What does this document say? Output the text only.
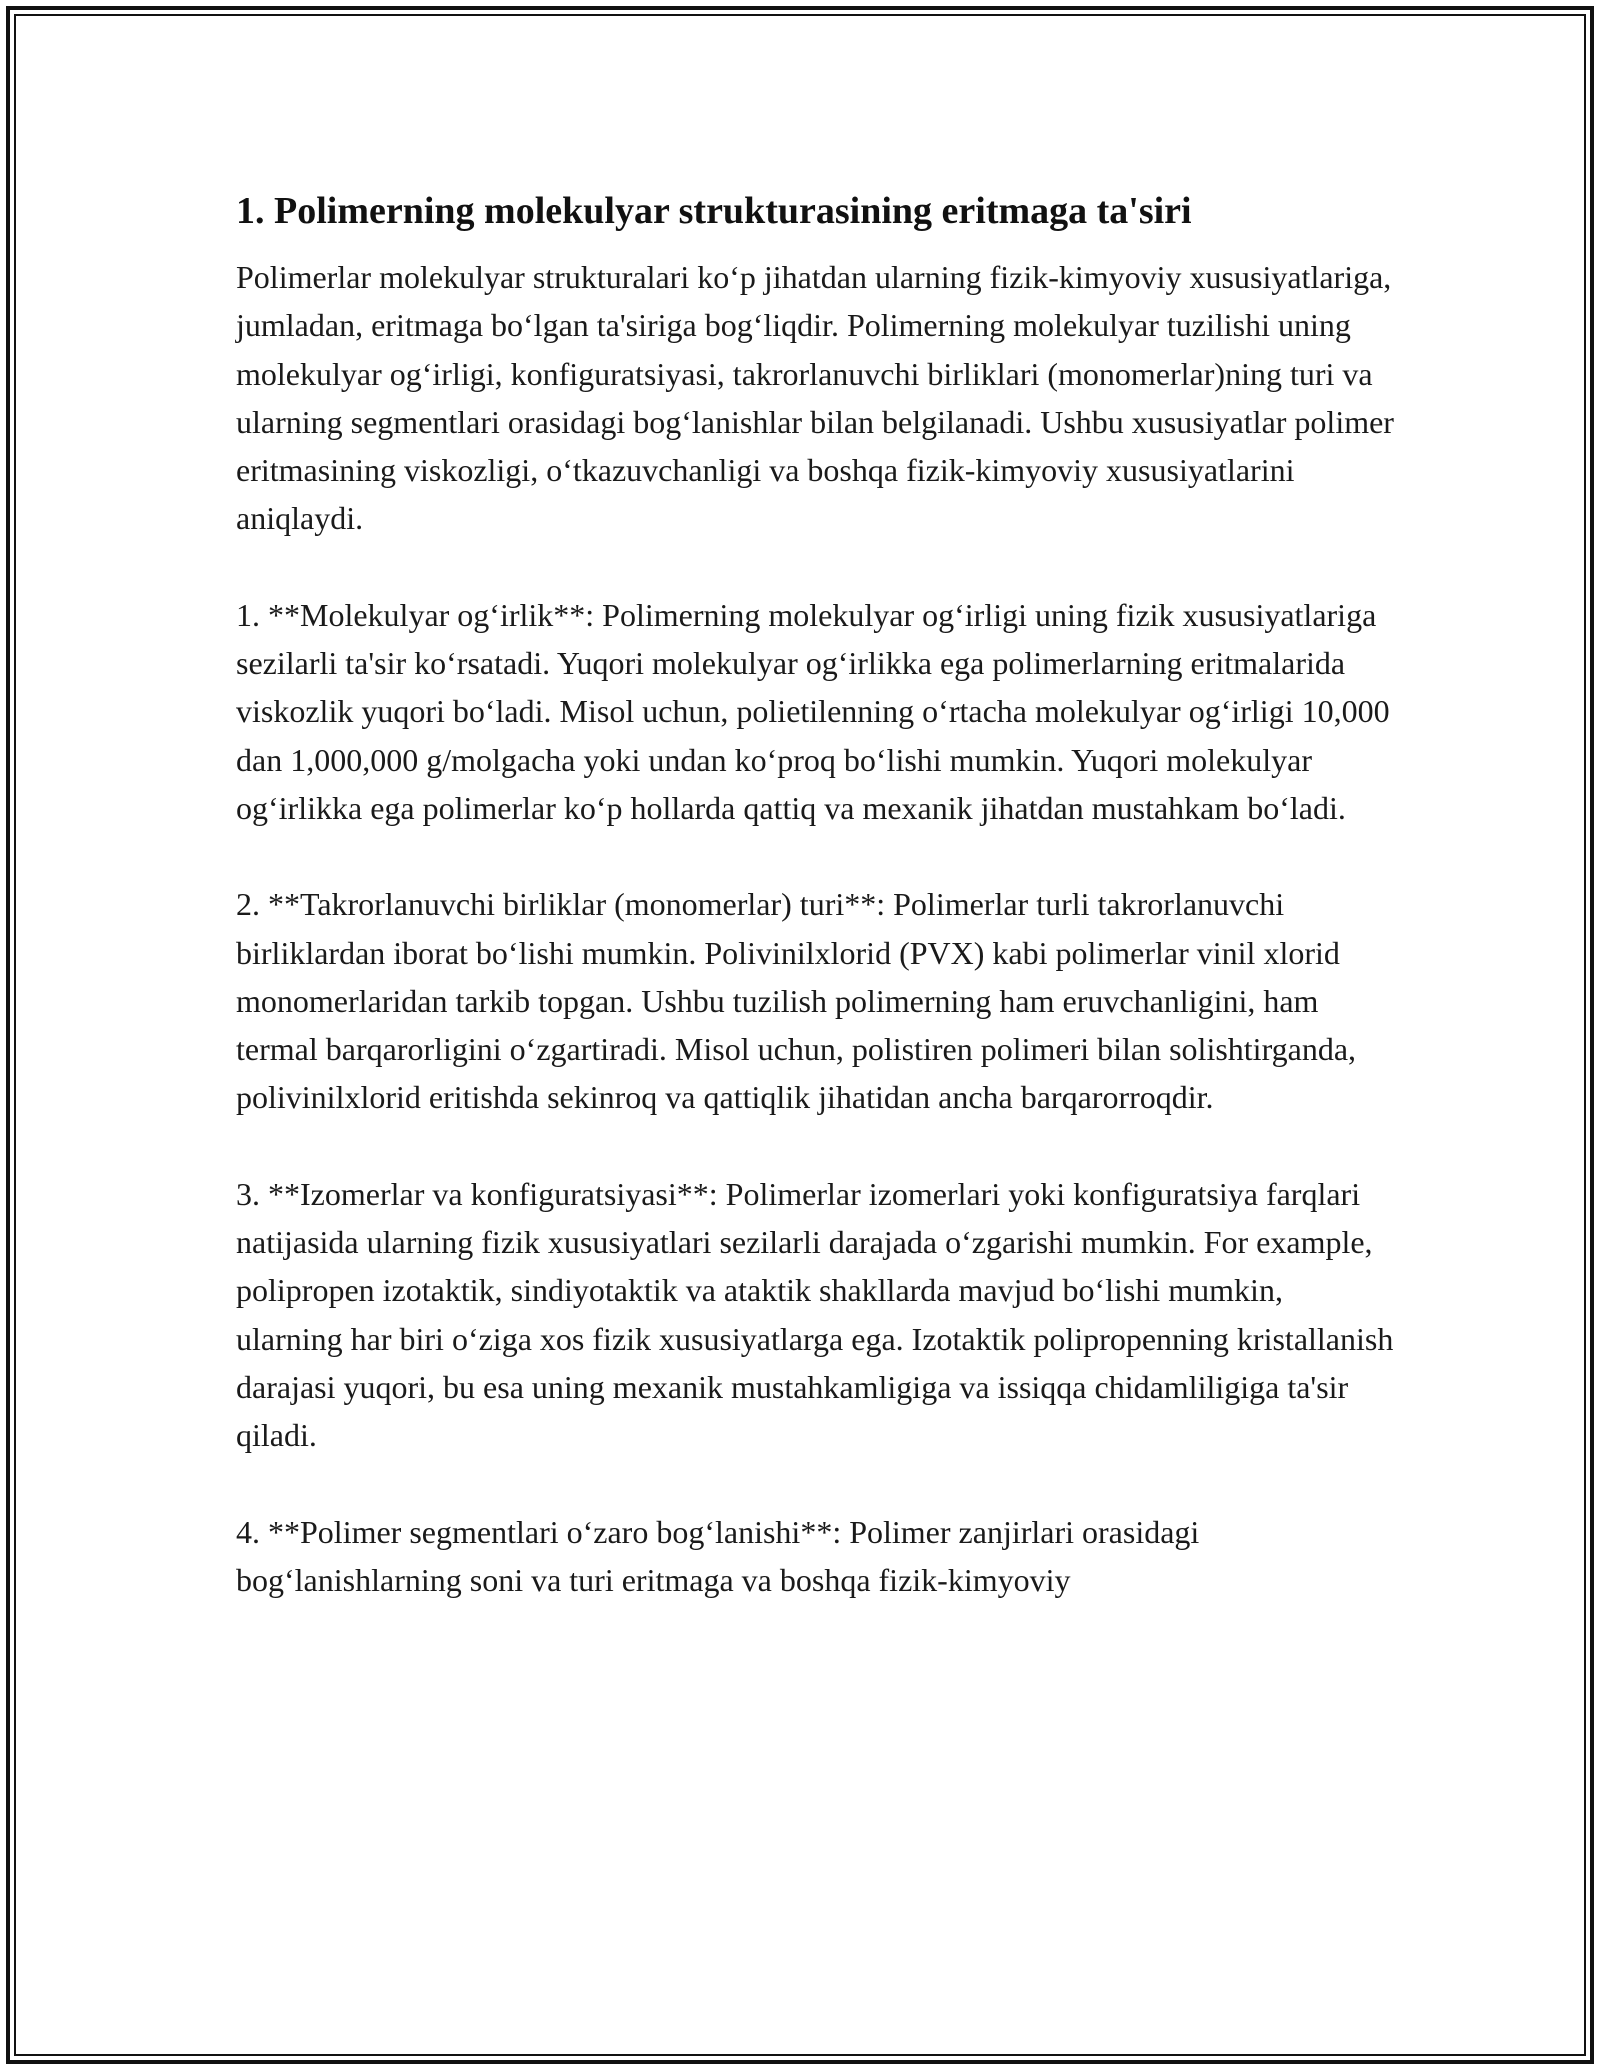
1. Polimerning molekulyar strukturasining eritmaga ta'siri

Polimerlar molekulyar strukturalari koʻp jihatdan ularning fizik-kimyoviy xususiyatlariga, jumladan, eritmaga boʻlgan ta'siriga bogʻliqdir. Polimerning molekulyar tuzilishi uning molekulyar ogʻirligi, konfiguratsiyasi, takrorlanuvchi birliklari (monomerlar)ning turi va ularning segmentlari orasidagi bogʻlanishlar bilan belgilanadi. Ushbu xususiyatlar polimer eritmasining viskozligi, oʻtkazuvchanligi va boshqa fizik-kimyoviy xususiyatlarini aniqlaydi.

1. **Molekulyar ogʻirlik**: Polimerning molekulyar ogʻirligi uning fizik xususiyatlariga sezilarli ta'sir koʻrsatadi. Yuqori molekulyar ogʻirlikka ega polimerlarning eritmalarida viskozlik yuqori boʻladi. Misol uchun, polietilenning oʻrtacha molekulyar ogʻirligi 10,000 dan 1,000,000 g/molgacha yoki undan koʻproq boʻlishi mumkin. Yuqori molekulyar ogʻirlikka ega polimerlar koʻp hollarda qattiq va mexanik jihatdan mustahkam boʻladi.

2. **Takrorlanuvchi birliklar (monomerlar) turi**: Polimerlar turli takrorlanuvchi birliklardan iborat boʻlishi mumkin. Polivinilxlorid (PVX) kabi polimerlar vinil xlorid monomerlaridan tarkib topgan. Ushbu tuzilish polimerning ham eruvchanligini, ham termal barqarorligini oʻzgartiradi. Misol uchun, polistiren polimeri bilan solishtirganda, polivinilxlorid eritishda sekinroq va qattiqlik jihatidan ancha barqarorroqdir.

3. **Izomerlar va konfiguratsiyasi**: Polimerlar izomerlari yoki konfiguratsiya farqlari natijasida ularning fizik xususiyatlari sezilarli darajada oʻzgarishi mumkin. For example, polipropen izotaktik, sindiyotaktik va ataktik shakllarda mavjud boʻlishi mumkin, ularning har biri oʻziga xos fizik xususiyatlarga ega. Izotaktik polipropenning kristallanish darajasi yuqori, bu esa uning mexanik mustahkamligiga va issiqqa chidamliligiga ta'sir qiladi.

4. **Polimer segmentlari oʻzaro bogʻlanishi**: Polimer zanjirlari orasidagi bogʻlanishlarning soni va turi eritmaga va boshqa fizik-kimyoviy
